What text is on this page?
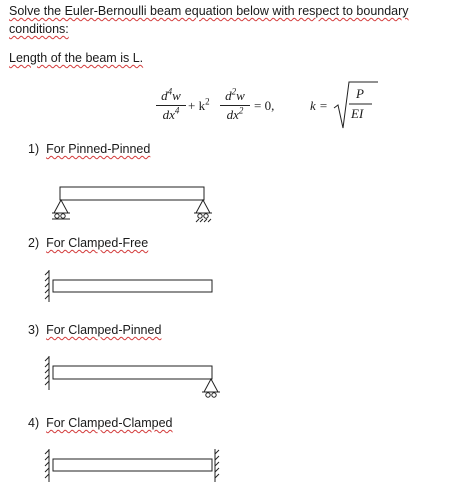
Solve the Euler-Bernoulli beam equation below with respect to boundary
conditions:
Length of the beam is L.
$d^4w$
$dx^4 + k^2$	$d^2w$
$dx^2 = 0$,	k =
P
EI
1) For Pinned-Pinned
2) For Clamped-Free
3) For Clamped-Pinned
4) For Clamped-Clamped
